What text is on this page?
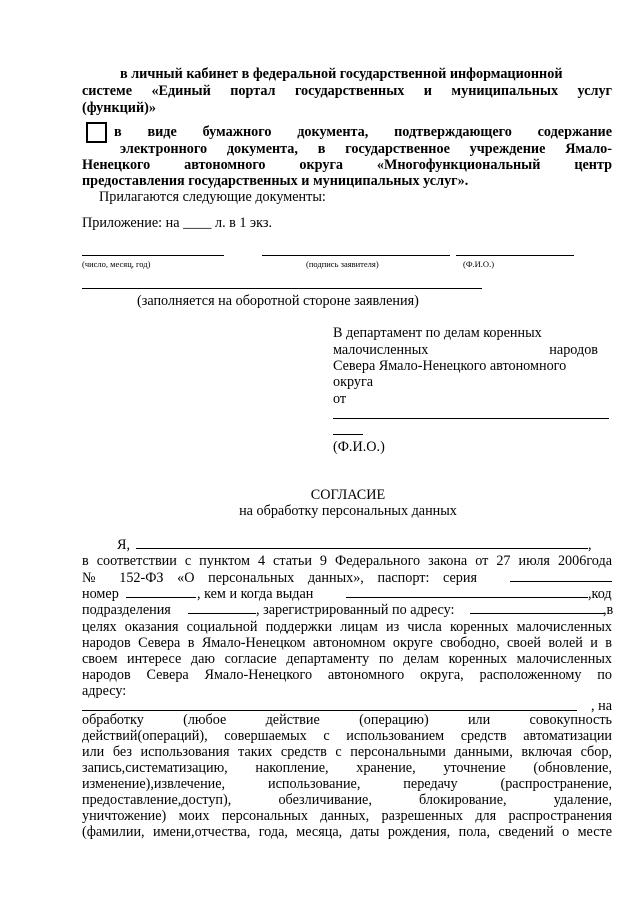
в личный кабинет в федеральной государственной информационной
системе «Единый портал государственных и муниципальных услуг
(функций)»
в виде бумажного документа, подтверждающего содержание
электронного документа, в государственное учреждение Ямало-
Ненецкого автономного округа «Многофункциональный центр
предоставления государственных и муниципальных услуг».
Прилагаются следующие документы:
Приложение: на ____ л. в 1 экз.
(число, месяц, год)	(подпись заявителя)	(Ф.И.О.)
(заполняется на оборотной стороне заявления)
В департамент по делам коренных
малочисленных народов
Севера Ямало-Ненецкого автономного
округа
от
(Ф.И.О.)
СОГЛАСИЕ
на обработку персональных данных
Я,	,
в соответствии с пунктом 4 статьи 9 Федерального закона от 27 июля 2006года
№ 152-ФЗ «О персональных данных», паспорт: серия
номер	, кем и когда выдан	,код
подразделения	, зарегистрированный по адресу:	,в
целях оказания социальной поддержки лицам из числа коренных малочисленных
народов Севера в Ямало-Ненецком автономном округе свободно, своей волей и в
своем интересе даю согласие департаменту по делам коренных малочисленных
народов Севера Ямало-Ненецкого автономного округа, расположенному по
адресу:
, на
обработку (любое действие (операцию) или совокупность
действий(операций), совершаемых с использованием средств автоматизации
или без использования таких средств с персональными данными, включая сбор,
запись,систематизацию, накопление, хранение, уточнение (обновление,
изменение),извлечение, использование, передачу (распространение,
предоставление,доступ), обезличивание, блокирование, удаление,
уничтожение) моих персональных данных, разрешенных для распространения
(фамилии, имени,отчества, года, месяца, даты рождения, пола, сведений о месте
